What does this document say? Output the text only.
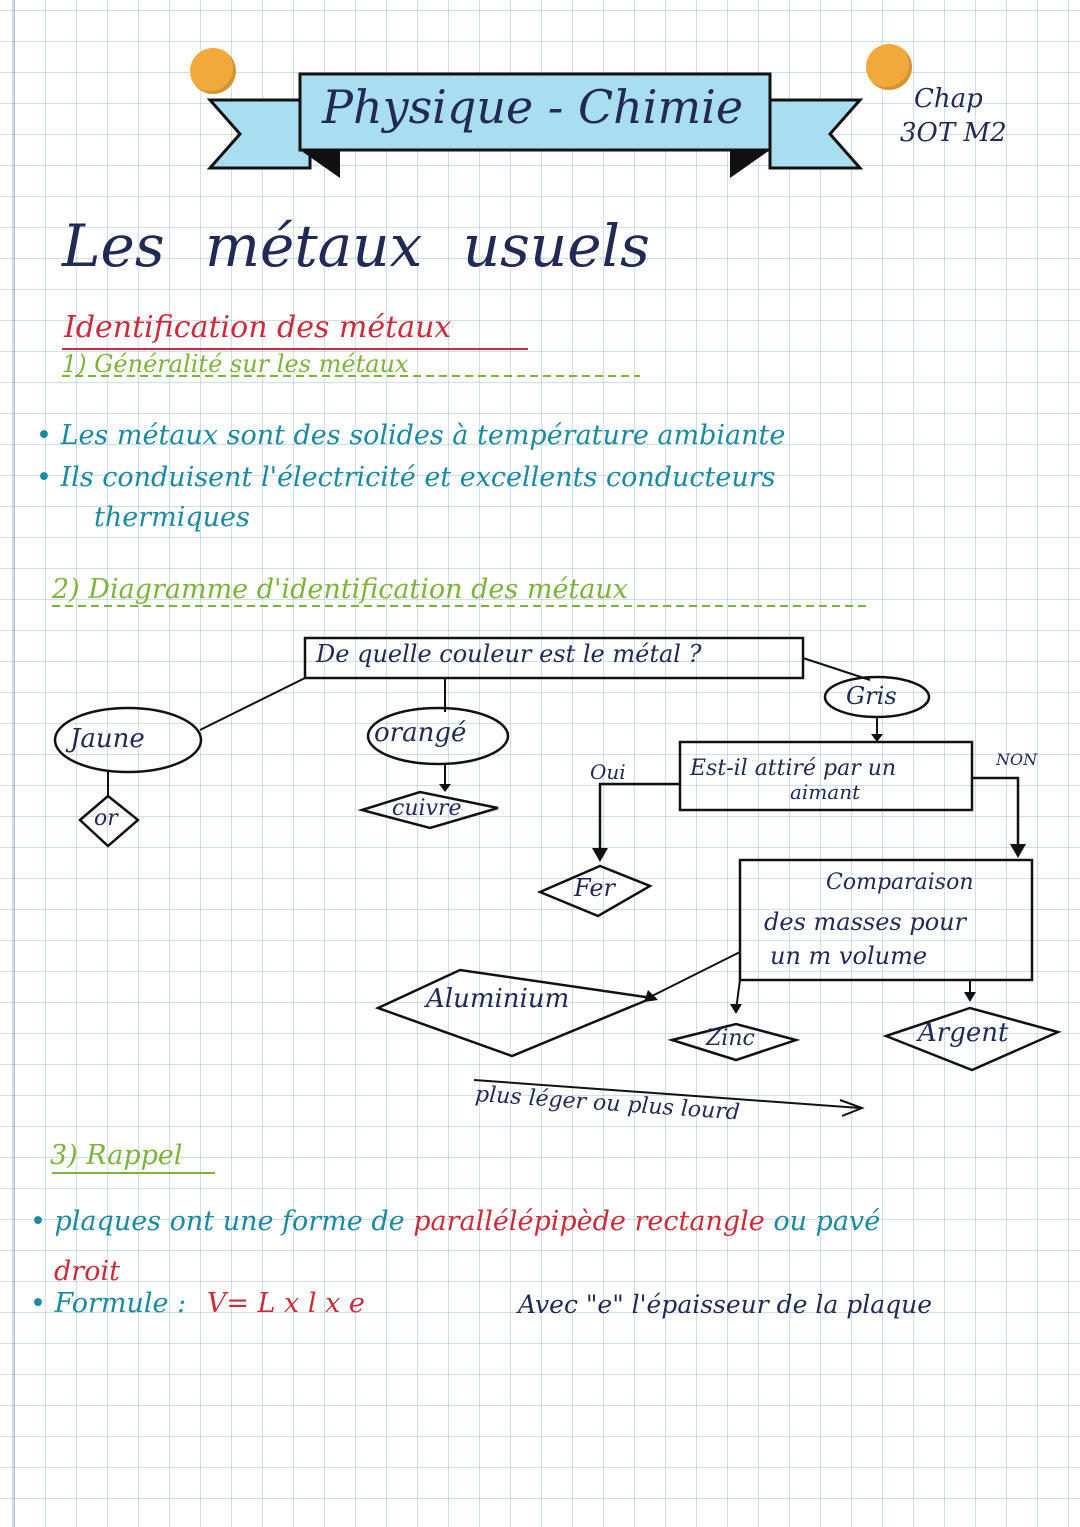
Physique - Chimie	Chap
3OT M2
Les métaux usuels
Identification des métaux
1) Généralité sur les métaux
• Les métaux sont des solides à température ambiante
• Ils conduisent l'électricité et excellents conducteurs
thermiques
2) Diagramme d'identification des métaux
De quelle couleur est le métal ?
Jaune	orangé
Gris
or	cuivre
Fer
Aluminium
Zinc	Argent
Est-il attiré par un
aimant
Oui
NON
Comparaison
des masses pour
un m volume
plus léger ou plus lourd
3) Rappel
• plaques ont une forme de parallélépipède rectangle ou pavé
droit
• Formule : V= L x l x e	Avec "e" l'épaisseur de la plaque
